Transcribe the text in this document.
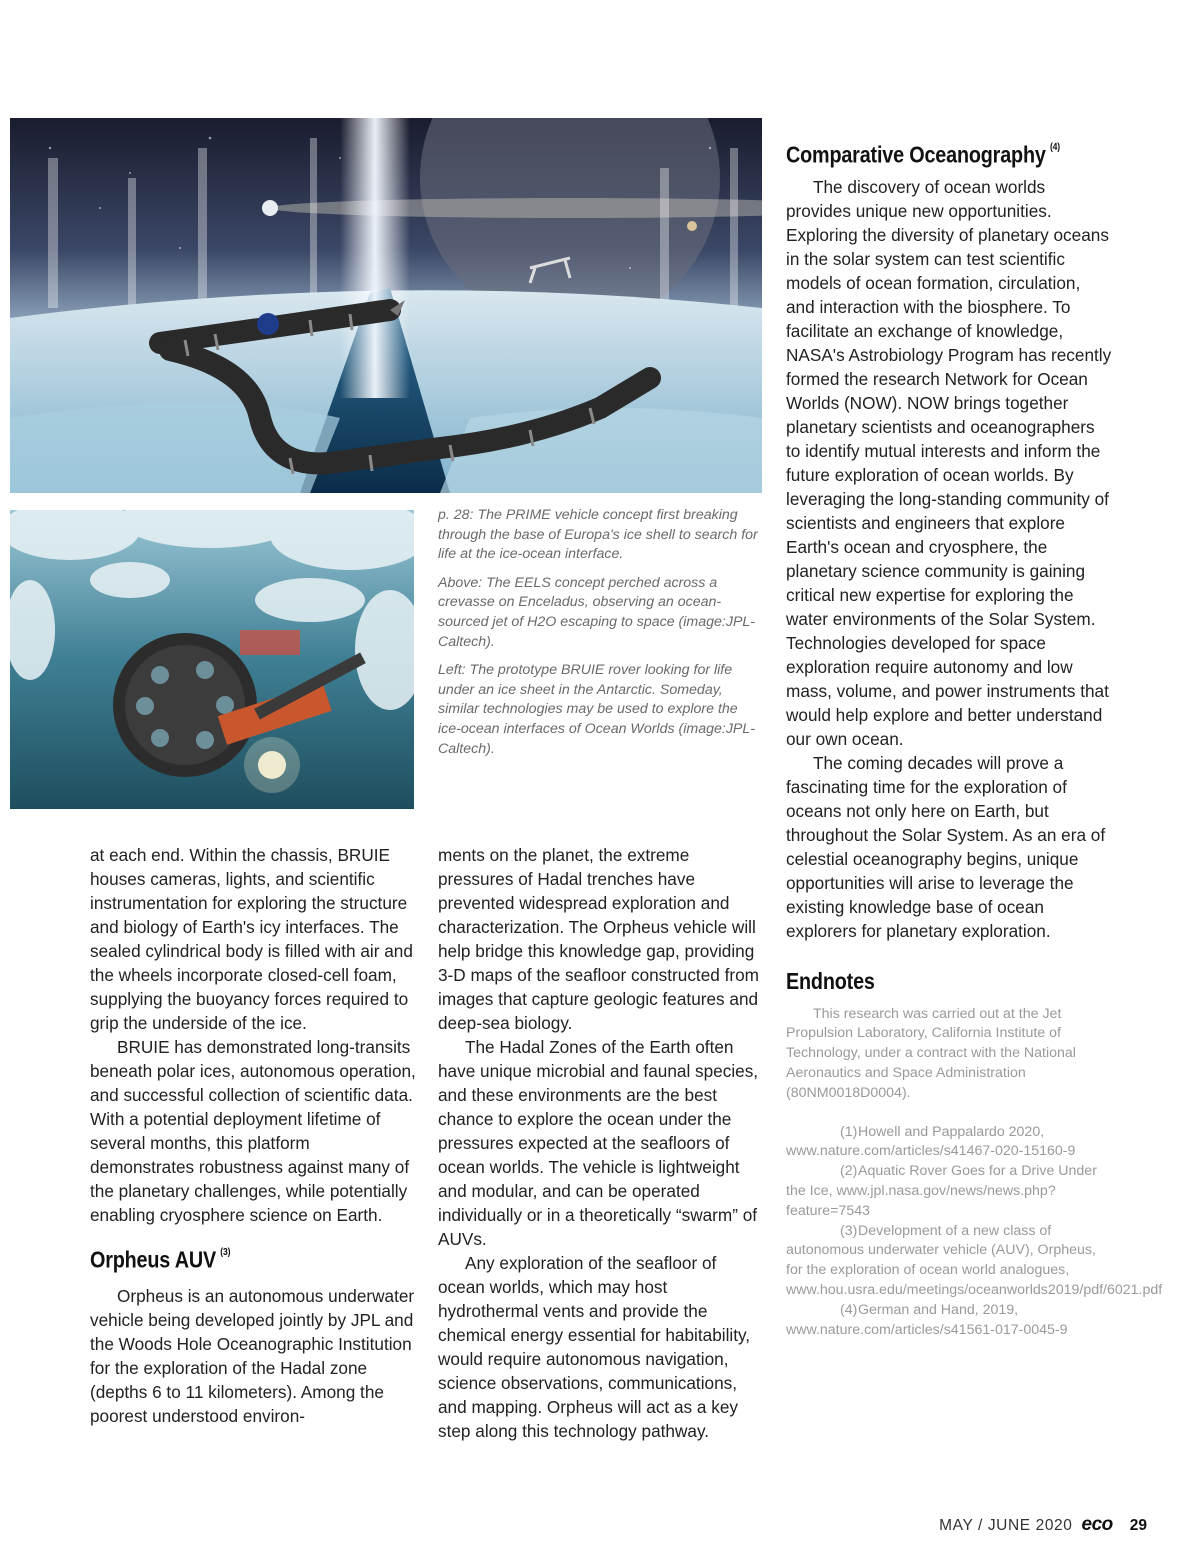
p. 28: The PRIME vehicle concept first breaking through the base of Europa's ice shell to search for life at the ice-ocean interface.

Above: The EELS concept perched across a crevasse on Enceladus, observing an ocean-sourced jet of H2O escaping to space (image:JPL-Caltech).

Left: The prototype BRUIE rover looking for life under an ice sheet in the Antarctic. Someday, similar technologies may be used to explore the ice-ocean interfaces of Ocean Worlds (image:JPL-Caltech).

at each end. Within the chassis, BRUIE houses cameras, lights, and scientific instrumentation for exploring the structure and biology of Earth's icy interfaces. The sealed cylindrical body is filled with air and the wheels incorporate closed-cell foam, supplying the buoyancy forces required to grip the underside of the ice.

BRUIE has demonstrated long-transits beneath polar ices, autonomous operation, and successful collection of scientific data. With a potential deployment lifetime of several months, this platform demonstrates robustness against many of the planetary challenges, while potentially enabling cryosphere science on Earth.

Orpheus AUV $^{(3)}$

Orpheus is an autonomous underwater vehicle being developed jointly by JPL and the Woods Hole Oceanographic Institution for the exploration of the Hadal zone (depths 6 to 11 kilometers). Among the poorest understood environ-

ments on the planet, the extreme pressures of Hadal trenches have prevented widespread exploration and characterization. The Orpheus vehicle will help bridge this knowledge gap, providing 3-D maps of the seafloor constructed from images that capture geologic features and deep-sea biology.

The Hadal Zones of the Earth often have unique microbial and faunal species, and these environments are the best chance to explore the ocean under the pressures expected at the seafloors of ocean worlds. The vehicle is lightweight and modular, and can be operated individually or in a theoretically “swarm” of AUVs.

Any exploration of the seafloor of ocean worlds, which may host hydrothermal vents and provide the chemical energy essential for habitability, would require autonomous navigation, science observations, communications, and mapping. Orpheus will act as a key step along this technology pathway.

Comparative Oceanography $^{(4)}$

The discovery of ocean worlds provides unique new opportunities. Exploring the diversity of planetary oceans in the solar system can test scientific models of ocean formation, circulation, and interaction with the biosphere. To facilitate an exchange of knowledge, NASA's Astrobiology Program has recently formed the research Network for Ocean Worlds (NOW). NOW brings together planetary scientists and oceanographers to identify mutual interests and inform the future exploration of ocean worlds. By leveraging the long-standing community of scientists and engineers that explore Earth's ocean and cryosphere, the planetary science community is gaining critical new expertise for exploring the water environments of the Solar System. Technologies developed for space exploration require autonomy and low mass, volume, and power instruments that would help explore and better understand our own ocean.

The coming decades will prove a fascinating time for the exploration of oceans not only here on Earth, but throughout the Solar System. As an era of celestial oceanography begins, unique opportunities will arise to leverage the existing knowledge base of ocean explorers for planetary exploration.

Endnotes

This research was carried out at the Jet Propulsion Laboratory, California Institute of Technology, under a contract with the National Aeronautics and Space Administration (80NM0018D0004).

(1)Howell and Pappalardo 2020, www.nature.com/articles/s41467-020-15160-9

(2)Aquatic Rover Goes for a Drive Under the Ice, www.jpl.nasa.gov/news/news.php?feature=7543

(3)Development of a new class of autonomous underwater vehicle (AUV), Orpheus, for the exploration of ocean world analogues, www.hou.usra.edu/meetings/oceanworlds2019/pdf/6021.pdf

(4)German and Hand, 2019, www.nature.com/articles/s41561-017-0045-9

MAY / JUNE 2020 eco 29
